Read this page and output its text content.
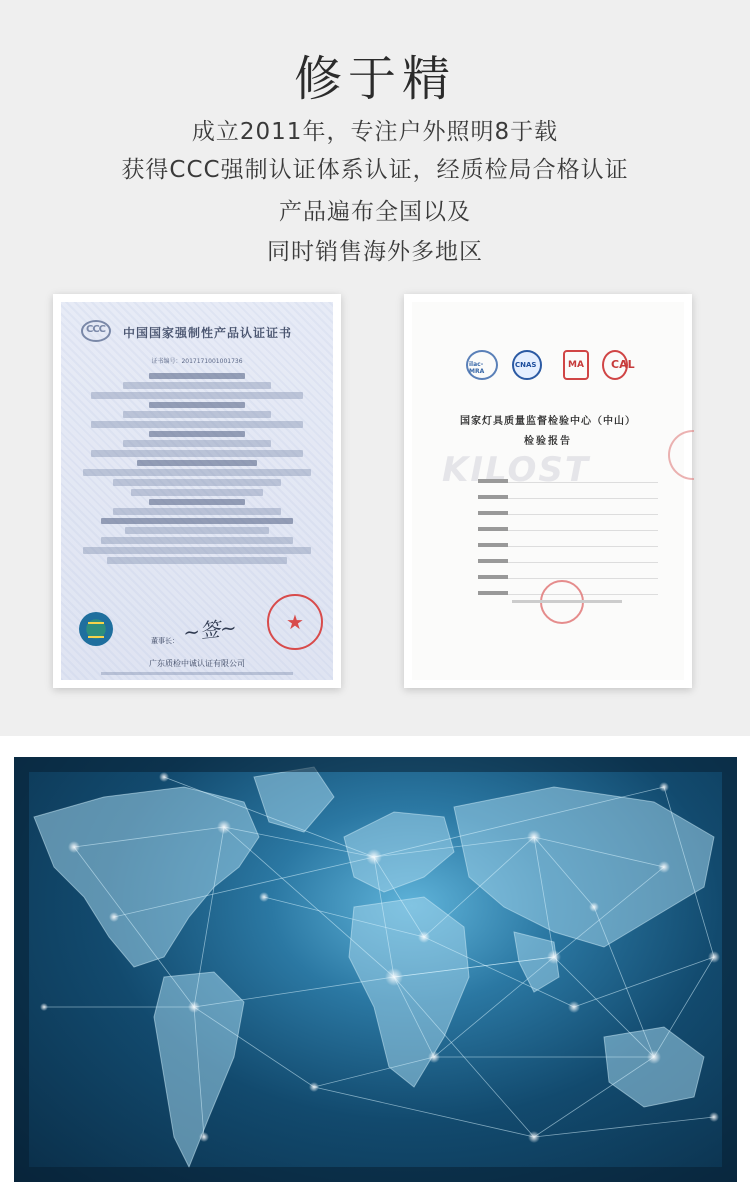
修于精
成立2011年，专注户外照明8于载
获得CCC强制认证体系认证，经质检局合格认证
产品遍布全国以及
同时销售海外多地区
CCC 中国国家强制性产品认证证书
证书编号：2017171001001736
~签~
董事长：
★
广东质检中诚认证有限公司
ilac-MRA
CNAS	MA CAL
国家灯具质量监督检验中心（中山）
检验报告
KILOST
